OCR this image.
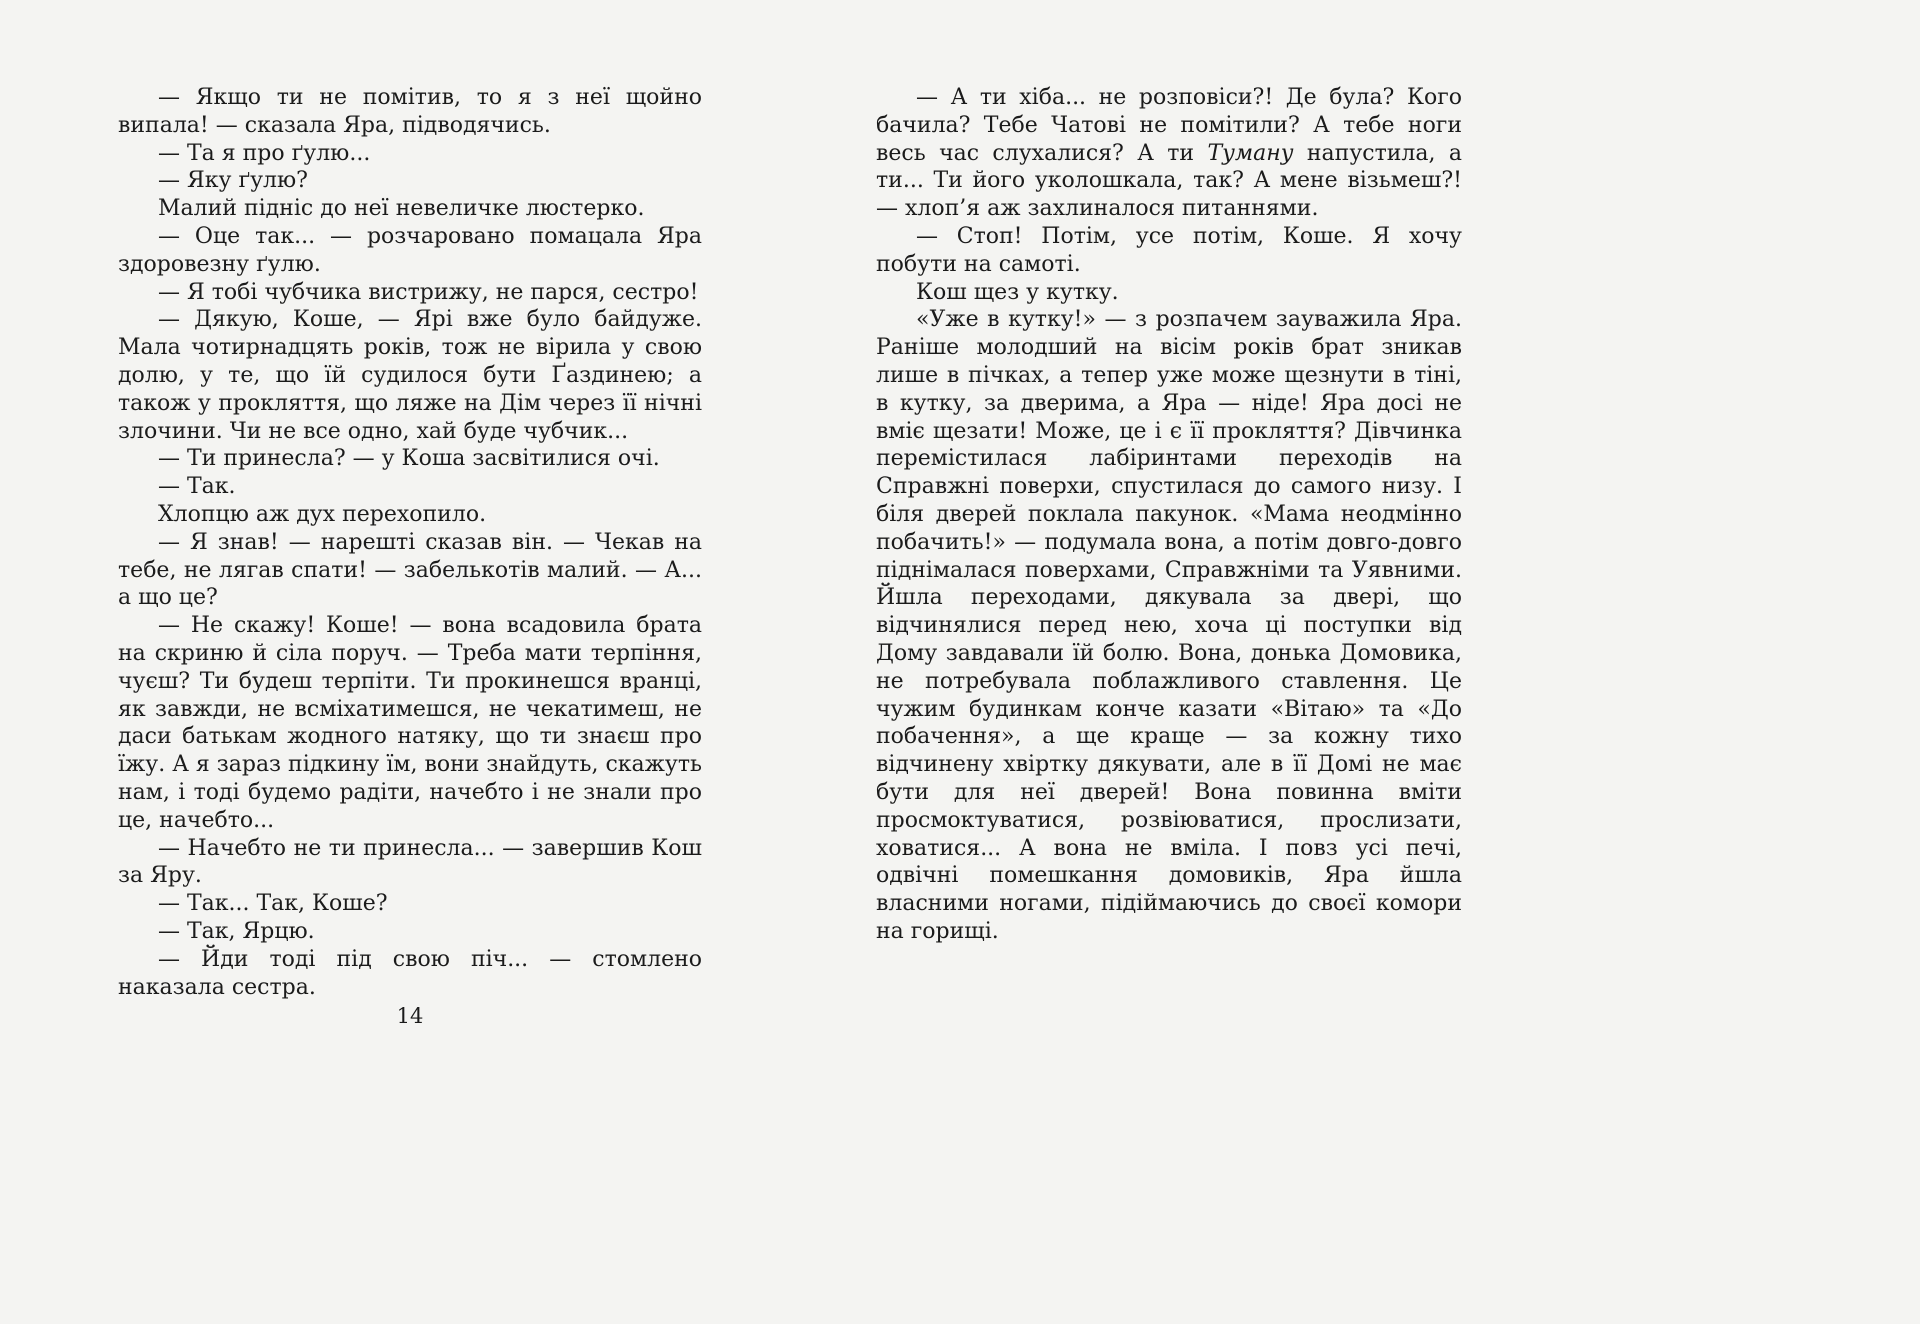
— Якщо ти не помітив, то я з неї щойно випала! — сказала Яра, підводячись.

— Та я про ґулю...

— Яку ґулю?

Малий підніс до неї невеличке люстерко.

— Оце так... — розчаровано помацала Яра здоровезну ґулю.

— Я тобі чубчика вистрижу, не парся, сестро!

— Дякую, Коше, — Ярі вже було байдуже. Мала чотирнадцять років, тож не вірила у свою долю, у те, що їй судилося бути Ґаздинею; а також у прокляття, що ляже на Дім через її нічні злочини. Чи не все одно, хай буде чубчик...

— Ти принесла? — у Коша засвітилися очі.

— Так.

Хлопцю аж дух перехопило.

— Я знав! — нарешті сказав він. — Чекав на тебе, не лягав спати! — забелькотів малий. — А... а що це?

— Не скажу! Коше! — вона всадовила брата на скриню й сіла поруч. — Треба мати терпіння, чуєш? Ти будеш терпіти. Ти прокинешся вранці, як завжди, не всміхатимешся, не чекатимеш, не даси батькам жодного натяку, що ти знаєш про їжу. А я зараз підкину їм, вони знайдуть, скажуть нам, і тоді будемо радіти, начебто і не знали про це, начебто...

— Начебто не ти принесла... — завершив Кош за Яру.

— Так... Так, Коше?

— Так, Ярцю.

— Йди тоді під свою піч... — стомлено наказала сестра.

— А ти хіба... не розповіси?! Де була? Кого бачила? Тебе Чатові не помітили? А тебе ноги весь час слухалися? А ти Туману напустила, а ти... Ти його уколошкала, так? А мене візьмеш?! — хлоп’я аж захлиналося питаннями.

— Стоп! Потім, усе потім, Коше. Я хочу побути на самоті.

Кош щез у кутку.

«Уже в кутку!» — з розпачем зауважила Яра. Раніше молодший на вісім років брат зникав лише в пічках, а тепер уже може щезнути в тіні, в кутку, за дверима, а Яра — ніде! Яра досі не вміє щезати! Може, це і є її прокляття? Дівчинка перемістилася лабіринтами переходів на Справжні поверхи, спустилася до самого низу. І біля дверей поклала пакунок. «Мама неодмінно побачить!» — подумала вона, а потім довго-довго піднімалася поверхами, Справжніми та Уявними. Йшла переходами, дякувала за двері, що відчинялися перед нею, хоча ці поступки від Дому завдавали їй болю. Вона, донька Домовика, не потребувала поблажливого ставлення. Це чужим будинкам конче казати «Вітаю» та «До побачення», а ще краще — за кожну тихо відчинену хвіртку дякувати, але в її Домі не має бути для неї дверей! Вона повинна вміти просмоктуватися, розвіюватися, прослизати, ховатися... А вона не вміла. І повз усі печі, одвічні помешкання домовиків, Яра йшла власними ногами, підіймаючись до своєї комори на горищі.

14
